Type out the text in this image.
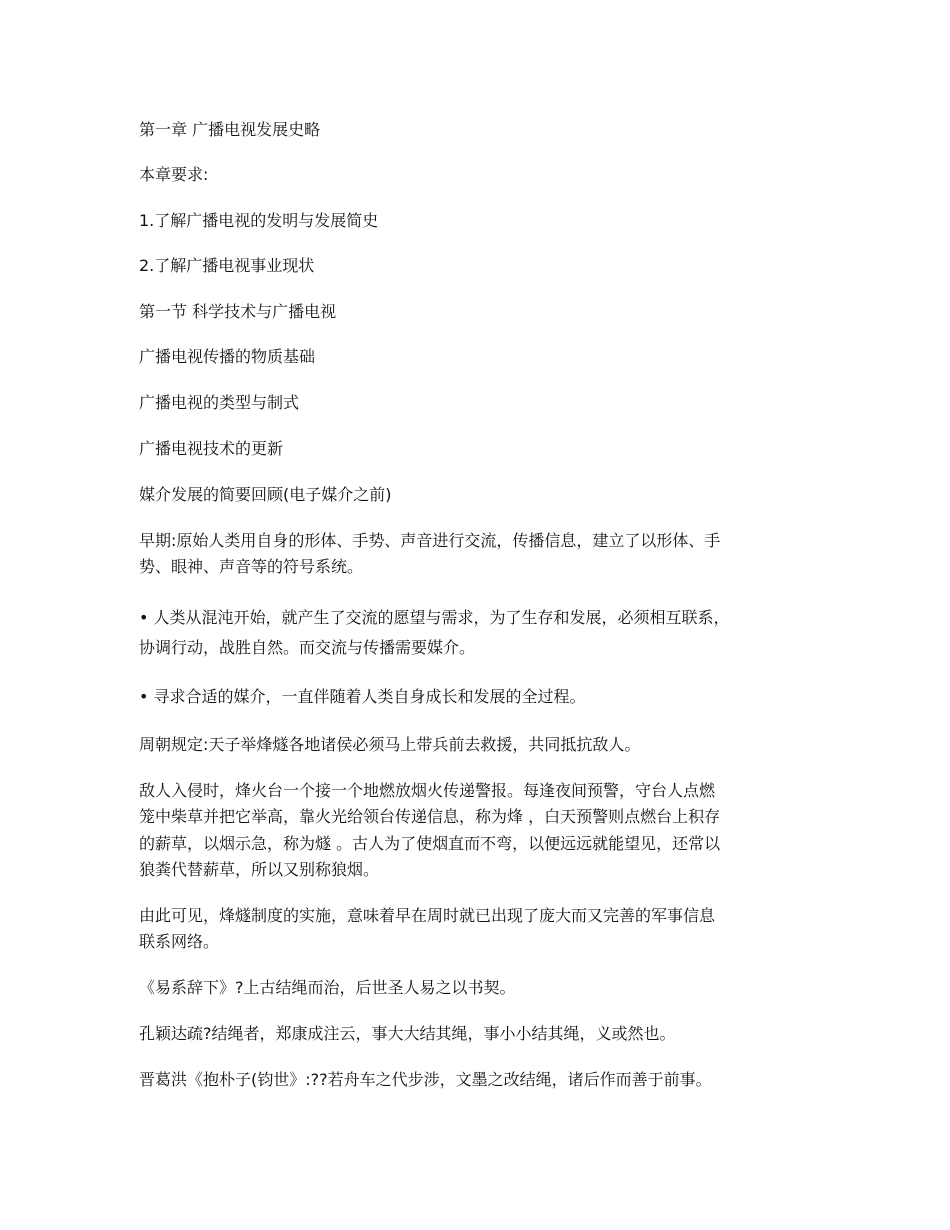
第一章 广播电视发展史略

本章要求:

1.了解广播电视的发明与发展简史

2.了解广播电视事业现状

第一节 科学技术与广播电视

广播电视传播的物质基础

广播电视的类型与制式

广播电视技术的更新

媒介发展的简要回顾(电子媒介之前)

早期:原始人类用自身的形体、手势、声音进行交流，传播信息，建立了以形体、手

势、眼神、声音等的符号系统。

• 人类从混沌开始，就产生了交流的愿望与需求，为了生存和发展，必须相互联系，

协调行动，战胜自然。而交流与传播需要媒介。

• 寻求合适的媒介，一直伴随着人类自身成长和发展的全过程。

周朝规定:天子举烽燧各地诸侯必须马上带兵前去救援，共同抵抗敌人。

敌人入侵时，烽火台一个接一个地燃放烟火传递警报。每逢夜间预警，守台人点燃

笼中柴草并把它举高，靠火光给领台传递信息，称为烽 ，白天预警则点燃台上积存

的薪草，以烟示急，称为燧 。古人为了使烟直而不弯，以便远远就能望见，还常以

狼粪代替薪草，所以又别称狼烟。

由此可见，烽燧制度的实施，意味着早在周时就已出现了庞大而又完善的军事信息

联系网络。

《易系辞下》?上古结绳而治，后世圣人易之以书契。

孔颖达疏?结绳者，郑康成注云，事大大结其绳，事小小结其绳，义或然也。

晋葛洪《抱朴子(钧世》:??若舟车之代步涉，文墨之改结绳，诸后作而善于前事。
